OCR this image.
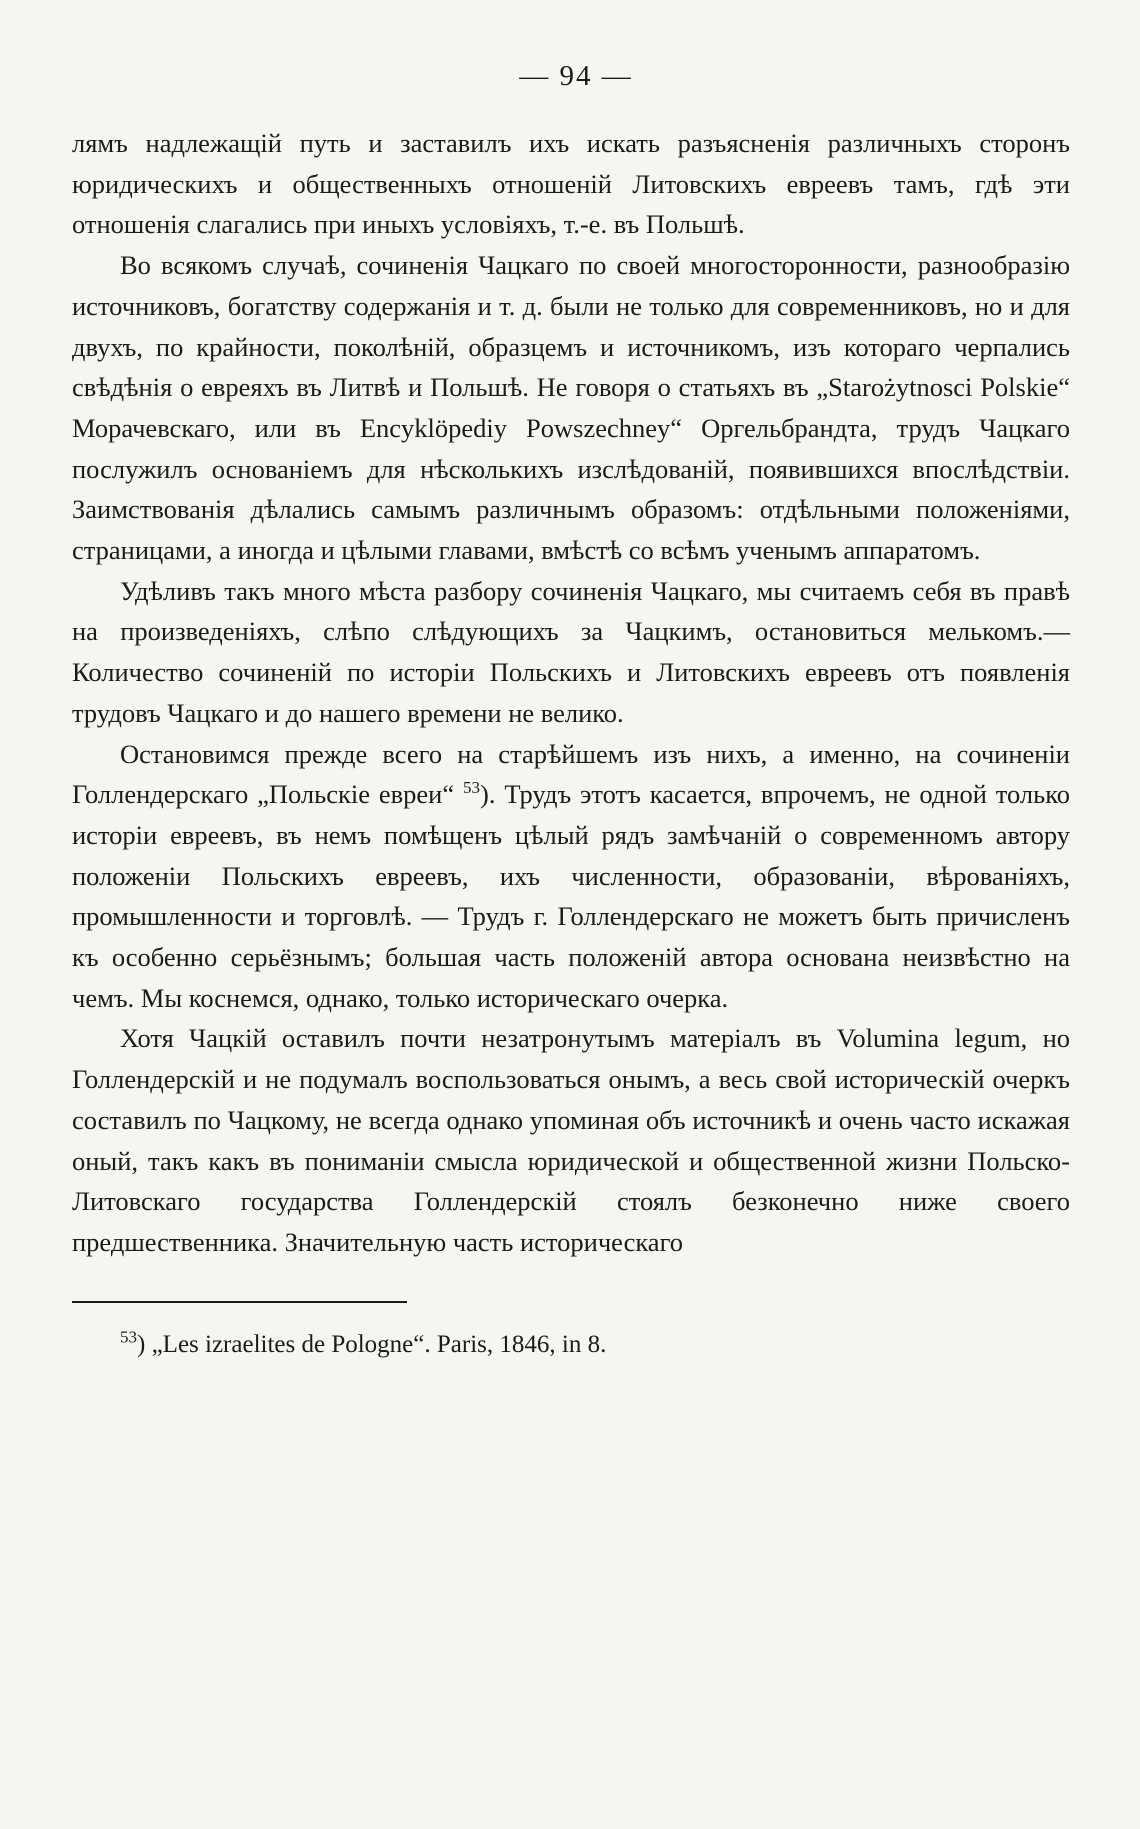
— 94 —

лямъ надлежащій путь и заставилъ ихъ искать разъясненія различныхъ сторонъ юридическихъ и общественныхъ отношеній Литовскихъ евреевъ тамъ, гдѣ эти отношенія слагались при иныхъ условіяхъ, т.-е. въ Польшѣ.

Во всякомъ случаѣ, сочиненія Чацкаго по своей многосторонности, разнообразію источниковъ, богатству содержанія и т. д. были не только для современниковъ, но и для двухъ, по крайности, поколѣній, образцемъ и источникомъ, изъ котораго черпались свѣдѣнія о евреяхъ въ Литвѣ и Польшѣ. Не говоря о статьяхъ въ „Starożytnosci Polskie“ Морачевскаго, или въ Encyklöpediy Powszechney“ Оргельбрандта, трудъ Чацкаго послужилъ основаніемъ для нѣсколькихъ изслѣдованій, появившихся впослѣдствіи. Заимствованія дѣлались самымъ различнымъ образомъ: отдѣльными положеніями, страницами, а иногда и цѣлыми главами, вмѣстѣ со всѣмъ ученымъ аппаратомъ.

Удѣливъ такъ много мѣста разбору сочиненія Чацкаго, мы считаемъ себя въ правѣ на произведеніяхъ, слѣпо слѣдующихъ за Чацкимъ, остановиться мелькомъ.—Количество сочиненій по исторіи Польскихъ и Литовскихъ евреевъ отъ появленія трудовъ Чацкаго и до нашего времени не велико.

Остановимся прежде всего на старѣйшемъ изъ нихъ, а именно, на сочиненіи Голлендерскаго „Польскіе евреи“ $^{53}$). Трудъ этотъ касается, впрочемъ, не одной только исторіи евреевъ, въ немъ помѣщенъ цѣлый рядъ замѣчаній о современномъ автору положеніи Польскихъ евреевъ, ихъ численности, образованіи, вѣрованіяхъ, промышленности и торговлѣ. — Трудъ г. Голлендерскаго не можетъ быть причисленъ къ особенно серьёзнымъ; большая часть положеній автора основана неизвѣстно на чемъ. Мы коснемся, однако, только историческаго очерка.

Хотя Чацкій оставилъ почти незатронутымъ матеріалъ въ Volumina legum, но Голлендерскій и не подумалъ воспользоваться онымъ, а весь свой историческій очеркъ составилъ по Чацкому, не всегда однако упоминая объ источникѣ и очень часто искажая оный, такъ какъ въ пониманіи смысла юридической и общественной жизни Польско-Литовскаго государства Голлендерскій стоялъ безконечно ниже своего предшественника. Значительную часть историческаго

$^{53}$) „Les izraelites de Pologne“. Paris, 1846, in 8.
